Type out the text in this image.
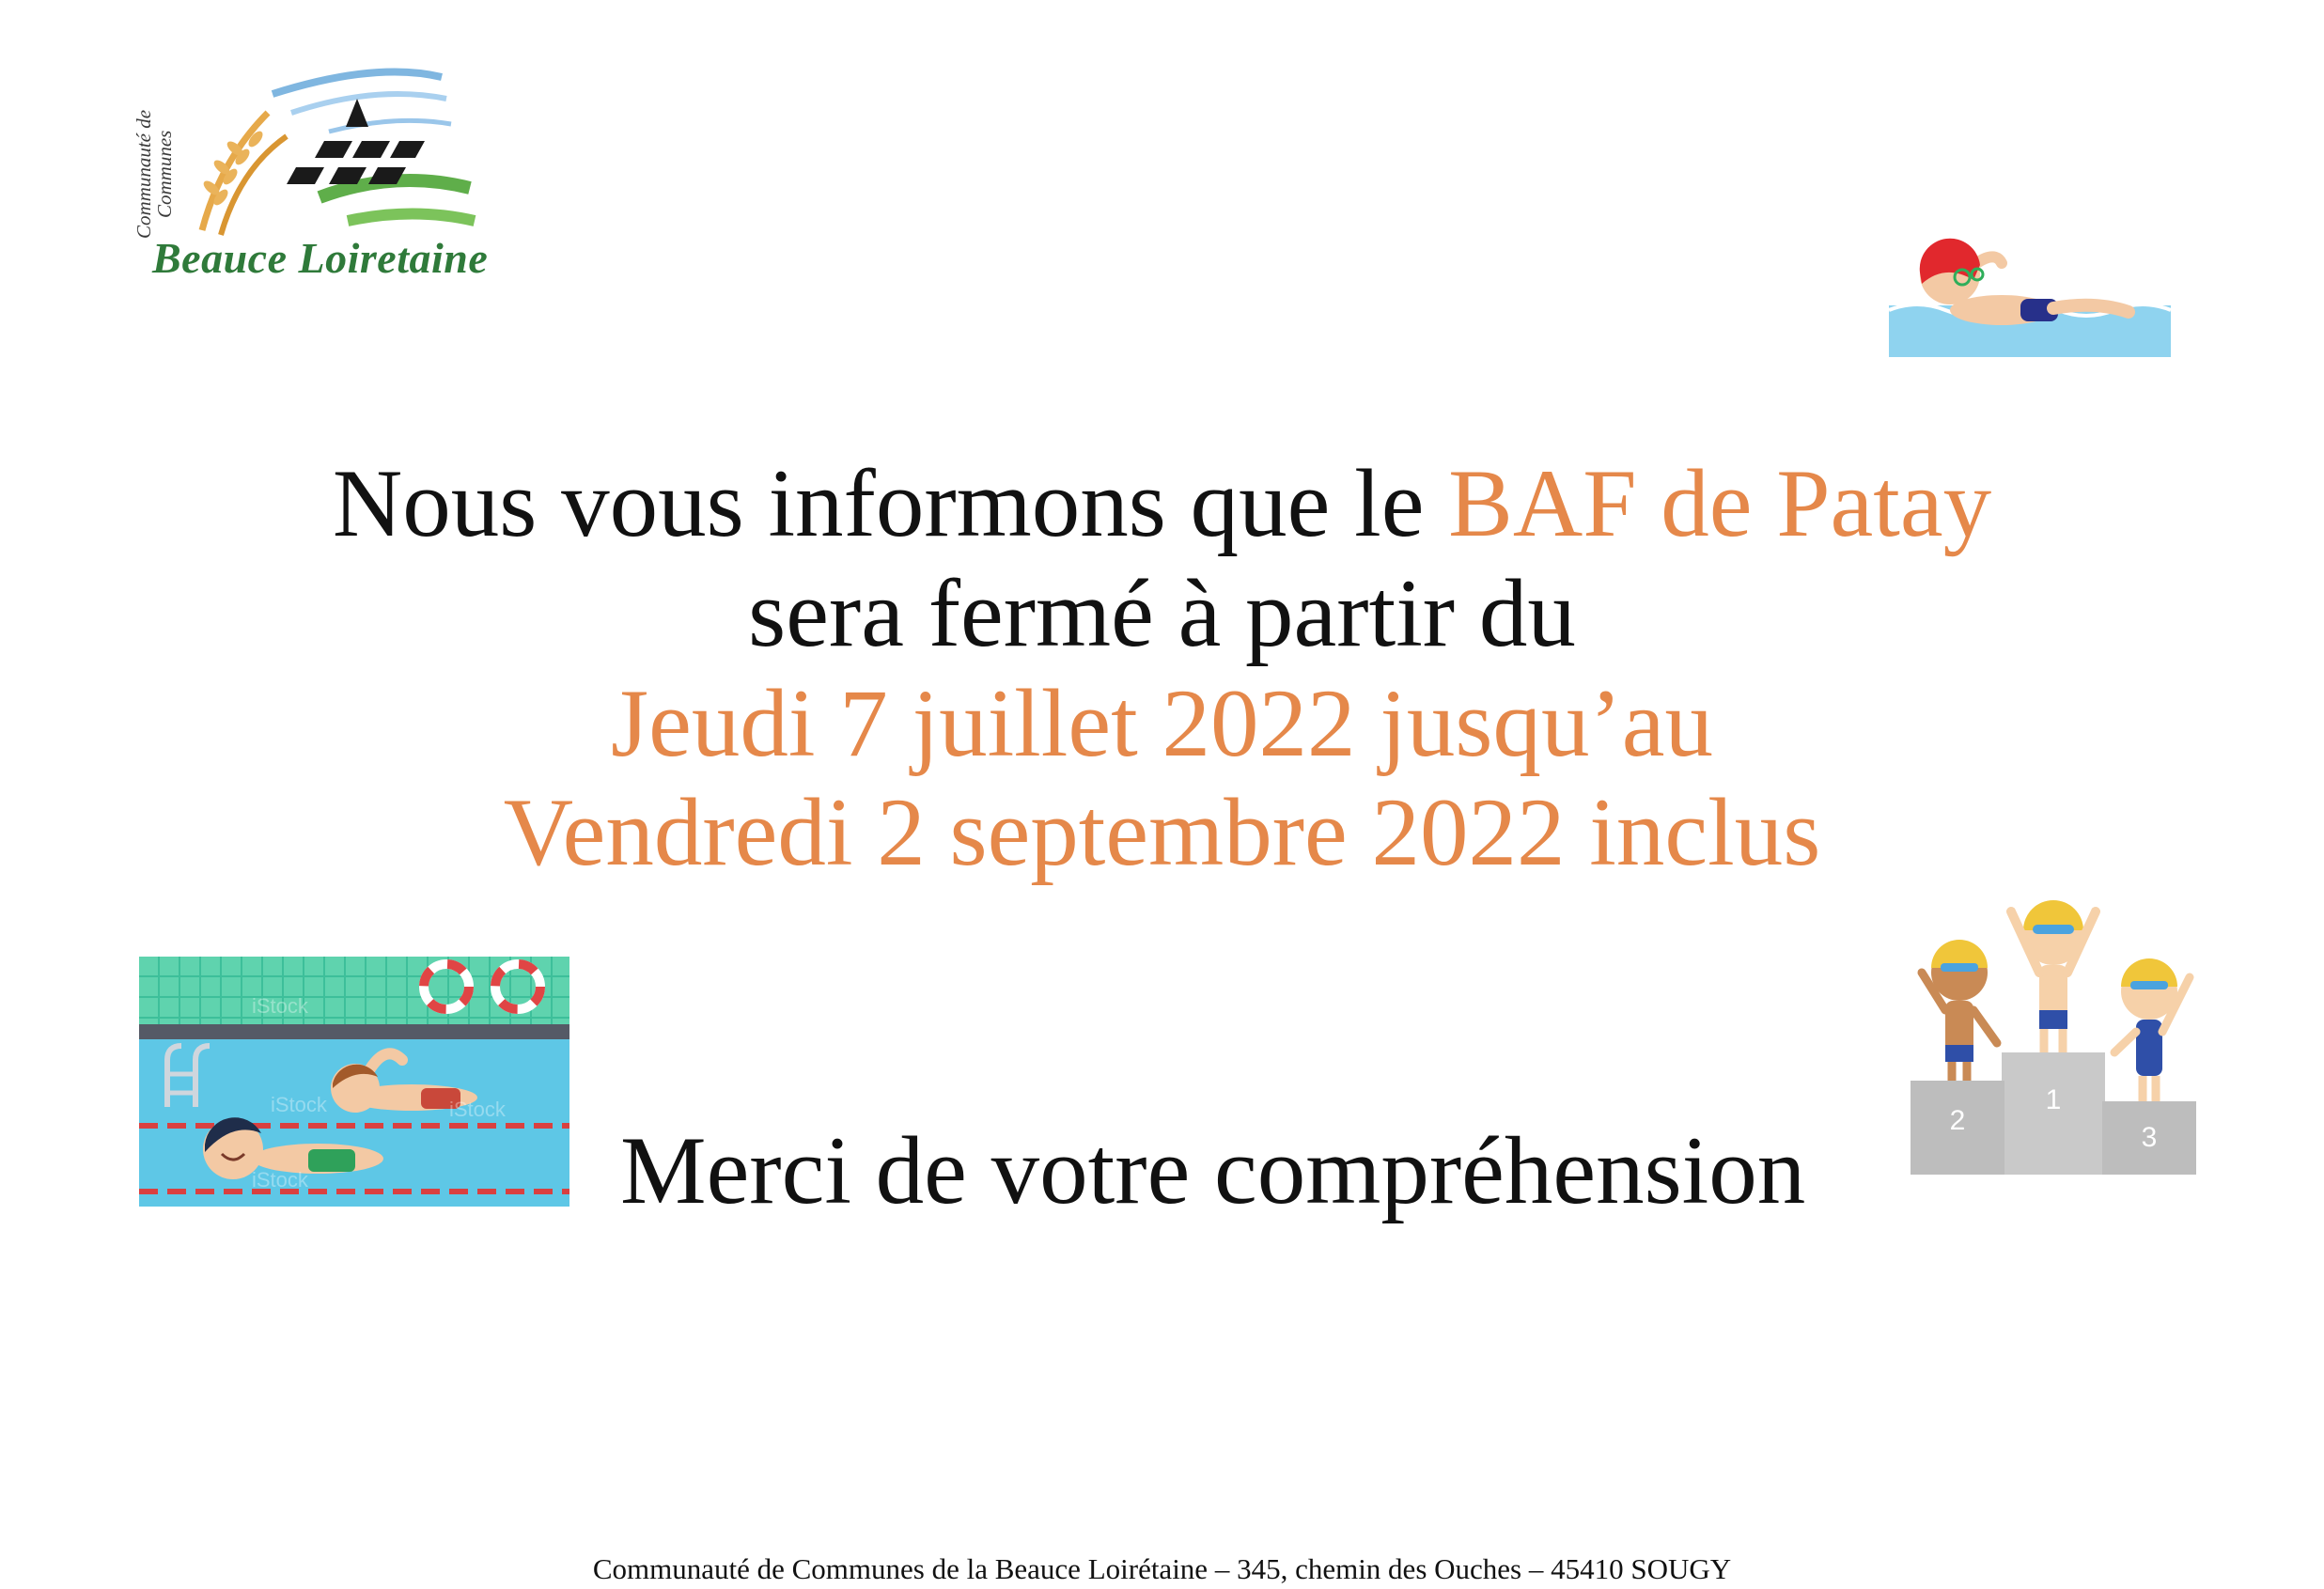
Communauté de Communes
Beauce Loiretaine
Nous vous informons que le BAF de Patay
sera fermé à partir du
Jeudi 7 juillet 2022 jusqu’au
Vendredi 2 septembre 2022 inclus
iStock
iStock	iStock
iStock	Merci de votre compréhension
1
2
3
Communauté de Communes de la Beauce Loirétaine – 345, chemin des Ouches – 45410 SOUGY
